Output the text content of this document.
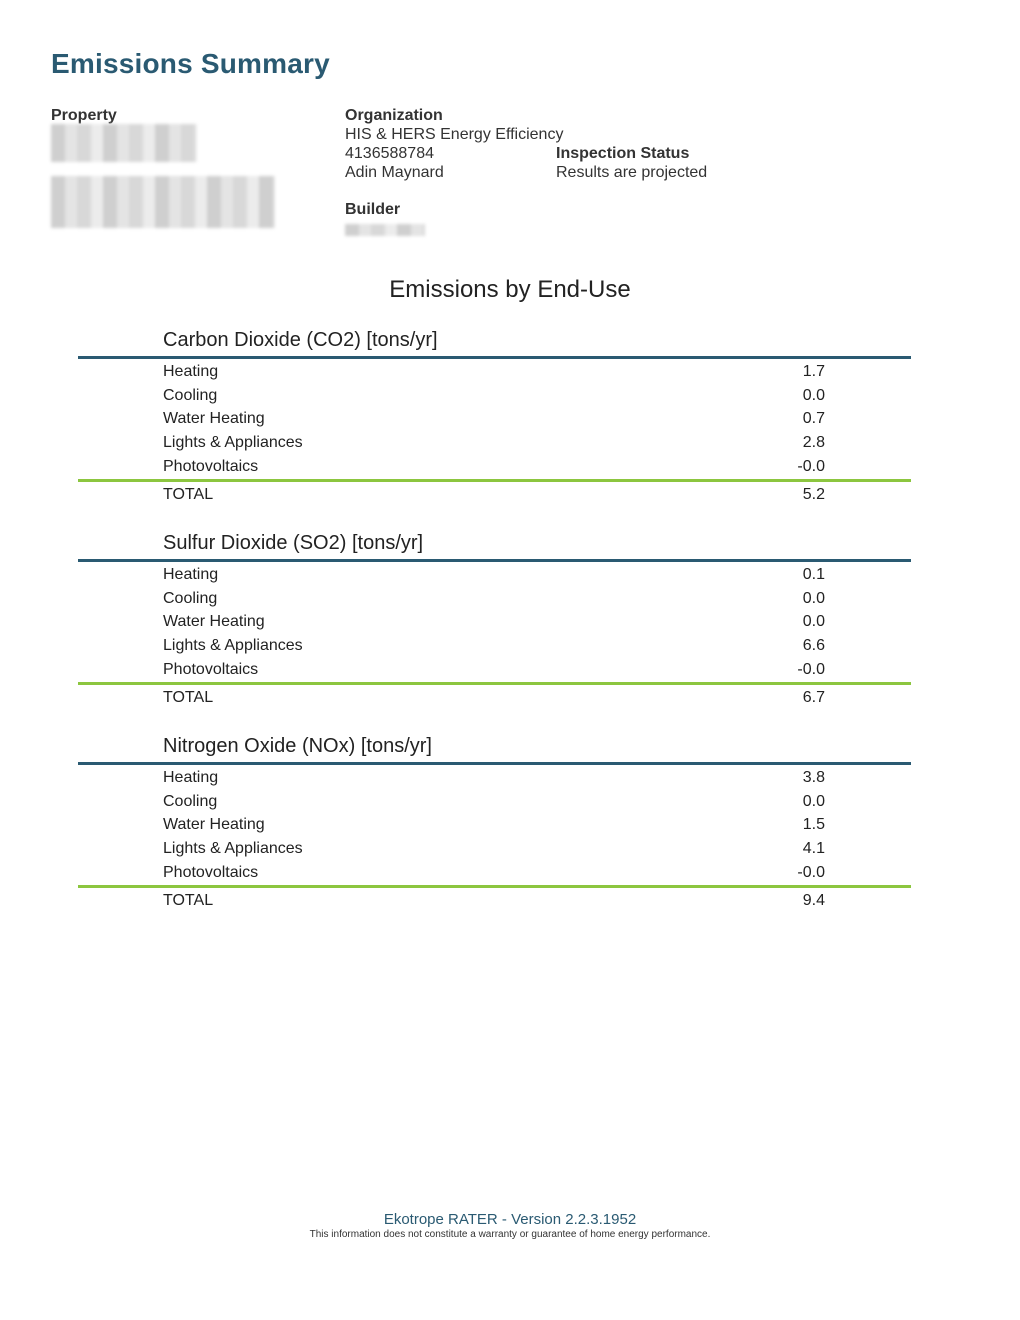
Emissions Summary
Property	Organization
HIS & HERS Energy Efficiency
4136588784
Adin Maynard
Inspection Status
Results are projected
Builder
Emissions by End-Use
Carbon Dioxide (CO2) [tons/yr]
Heating	1.7
Cooling	0.0
Water Heating	0.7
Lights & Appliances	2.8
Photovoltaics	-0.0
TOTAL	5.2
Sulfur Dioxide (SO2) [tons/yr]
Heating	0.1
Cooling	0.0
Water Heating	0.0
Lights & Appliances	6.6
Photovoltaics	-0.0
TOTAL	6.7
Nitrogen Oxide (NOx) [tons/yr]
Heating	3.8
Cooling	0.0
Water Heating	1.5
Lights & Appliances	4.1
Photovoltaics	-0.0
TOTAL	9.4
Ekotrope RATER - Version 2.2.3.1952
This information does not constitute a warranty or guarantee of home energy performance.
